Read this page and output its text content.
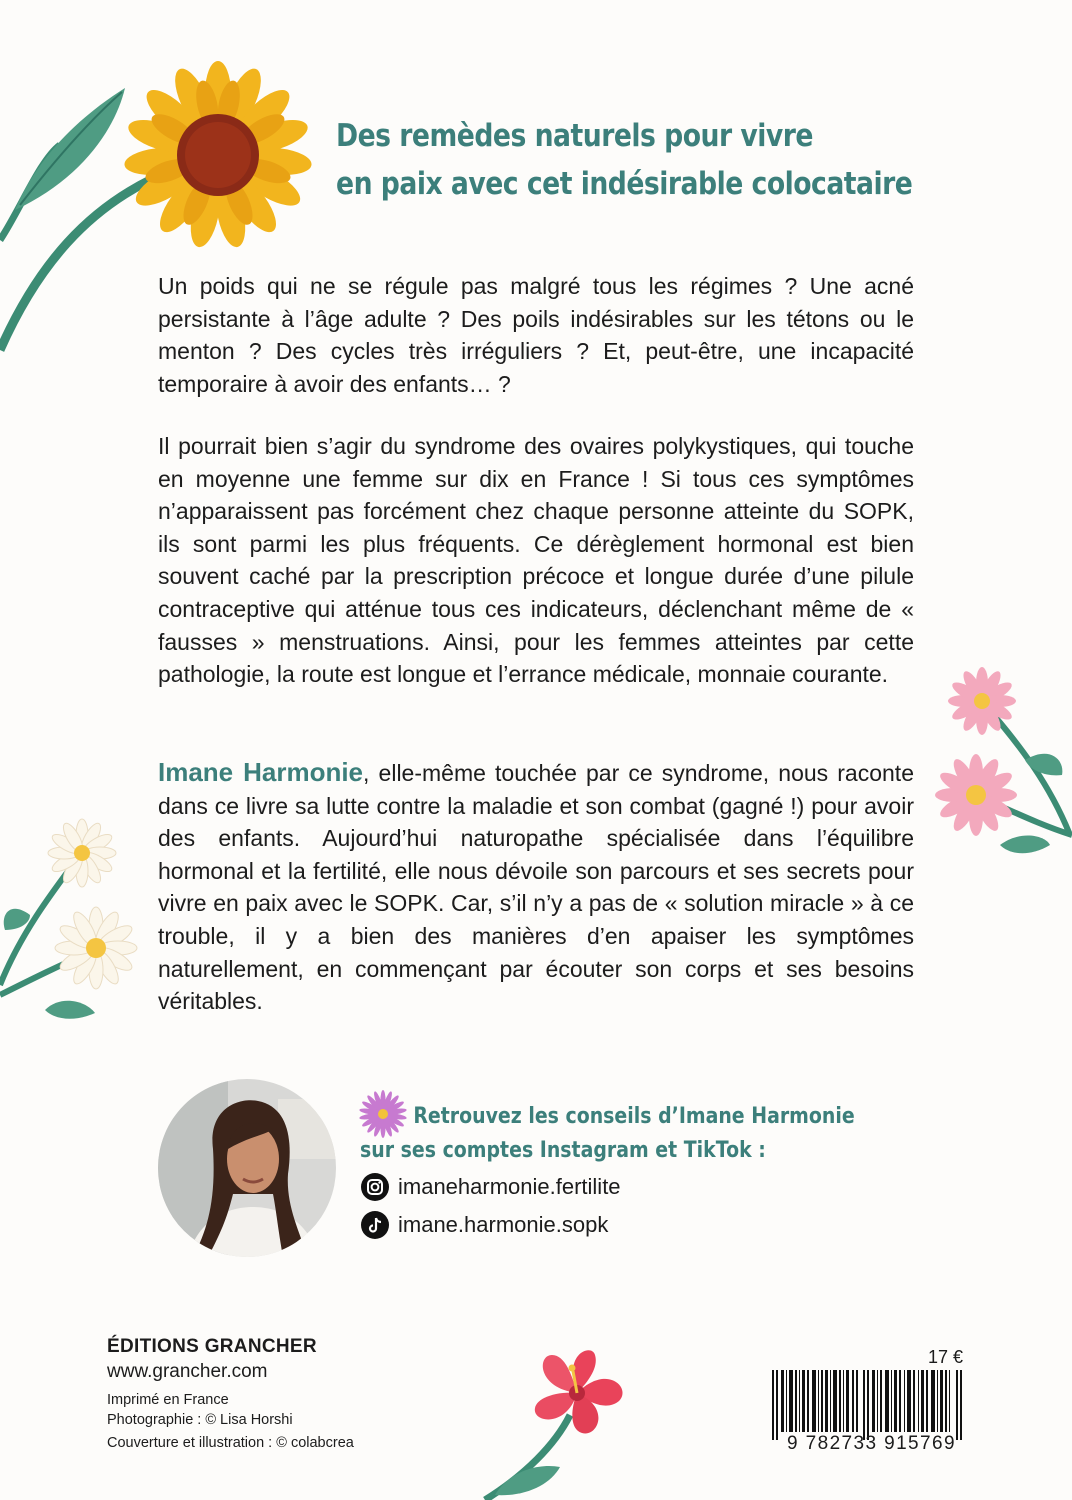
Des remèdes naturels pour vivre
en paix avec cet indésirable colocataire

Un poids qui ne se régule pas malgré tous les régimes ? Une acné persistante à l’âge adulte ? Des poils indésirables sur les tétons ou le menton ? Des cycles très irréguliers ? Et, peut-être, une incapacité temporaire à avoir des enfants… ?

Il pourrait bien s’agir du syndrome des ovaires polykystiques, qui touche en moyenne une femme sur dix en France ! Si tous ces symptômes n’apparaissent pas forcément chez chaque personne atteinte du SOPK, ils sont parmi les plus fréquents. Ce dérèglement hormonal est bien souvent caché par la prescription précoce et longue durée d’une pilule contraceptive qui atténue tous ces indicateurs, déclenchant même de « fausses » menstruations. Ainsi, pour les femmes atteintes par cette pathologie, la route est longue et l’errance médicale, monnaie courante.

Imane Harmonie, elle-même touchée par ce syndrome, nous raconte dans ce livre sa lutte contre la maladie et son combat (gagné !) pour avoir des enfants. Aujourd’hui naturopathe spécialisée dans l’équilibre hormonal et la fertilité, elle nous dévoile son parcours et ses secrets pour vivre en paix avec le SOPK. Car, s’il n’y a pas de « solution miracle » à ce trouble, il y a bien des manières d’en apaiser les symptômes naturellement, en commençant par écouter son corps et ses besoins véritables.

Retrouvez les conseils d’Imane Harmonie
sur ses comptes Instagram et TikTok :
imaneharmonie.fertilite
imane.harmonie.sopk
ÉDITIONS GRANCHER
www.grancher.com
Imprimé en France
Photographie : © Lisa Horshi
Couverture et illustration : © colabcrea
17 €
9 782733 915769
